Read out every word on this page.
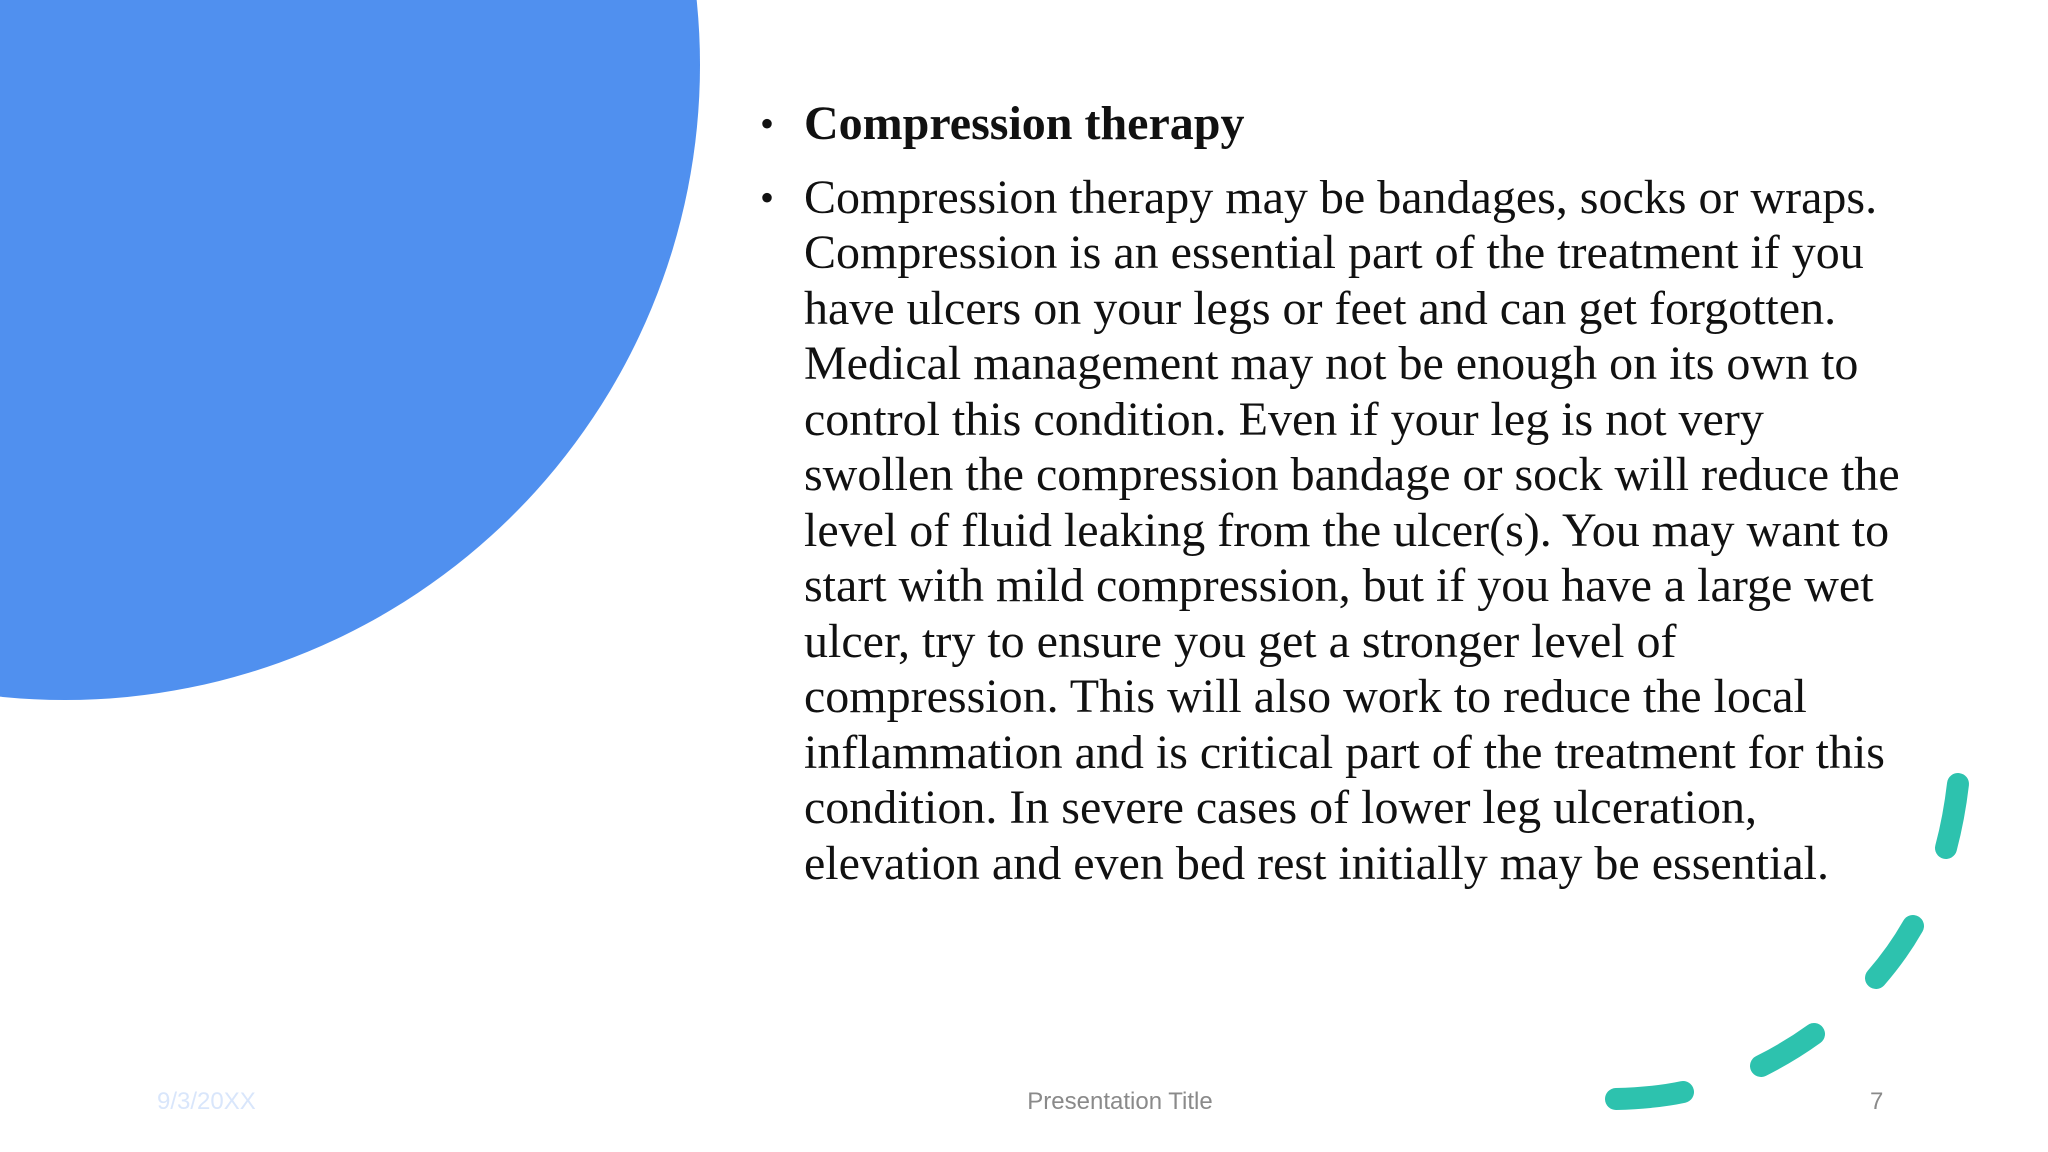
• Compression therapy
• Compression therapy may be bandages, socks or wraps. Compression is an essential part of the treatment if you have ulcers on your legs or feet and can get forgotten. Medical management may not be enough on its own to control this condition. Even if your leg is not very swollen the compression bandage or sock will reduce the level of fluid leaking from the ulcer(s). You may want to start with mild compression, but if you have a large wet ulcer, try to ensure you get a stronger level of compression. This will also work to reduce the local inflammation and is critical part of the treatment for this condition. In severe cases of lower leg ulceration, elevation and even bed rest initially may be essential.
9/3/20XX	Presentation Title	7
